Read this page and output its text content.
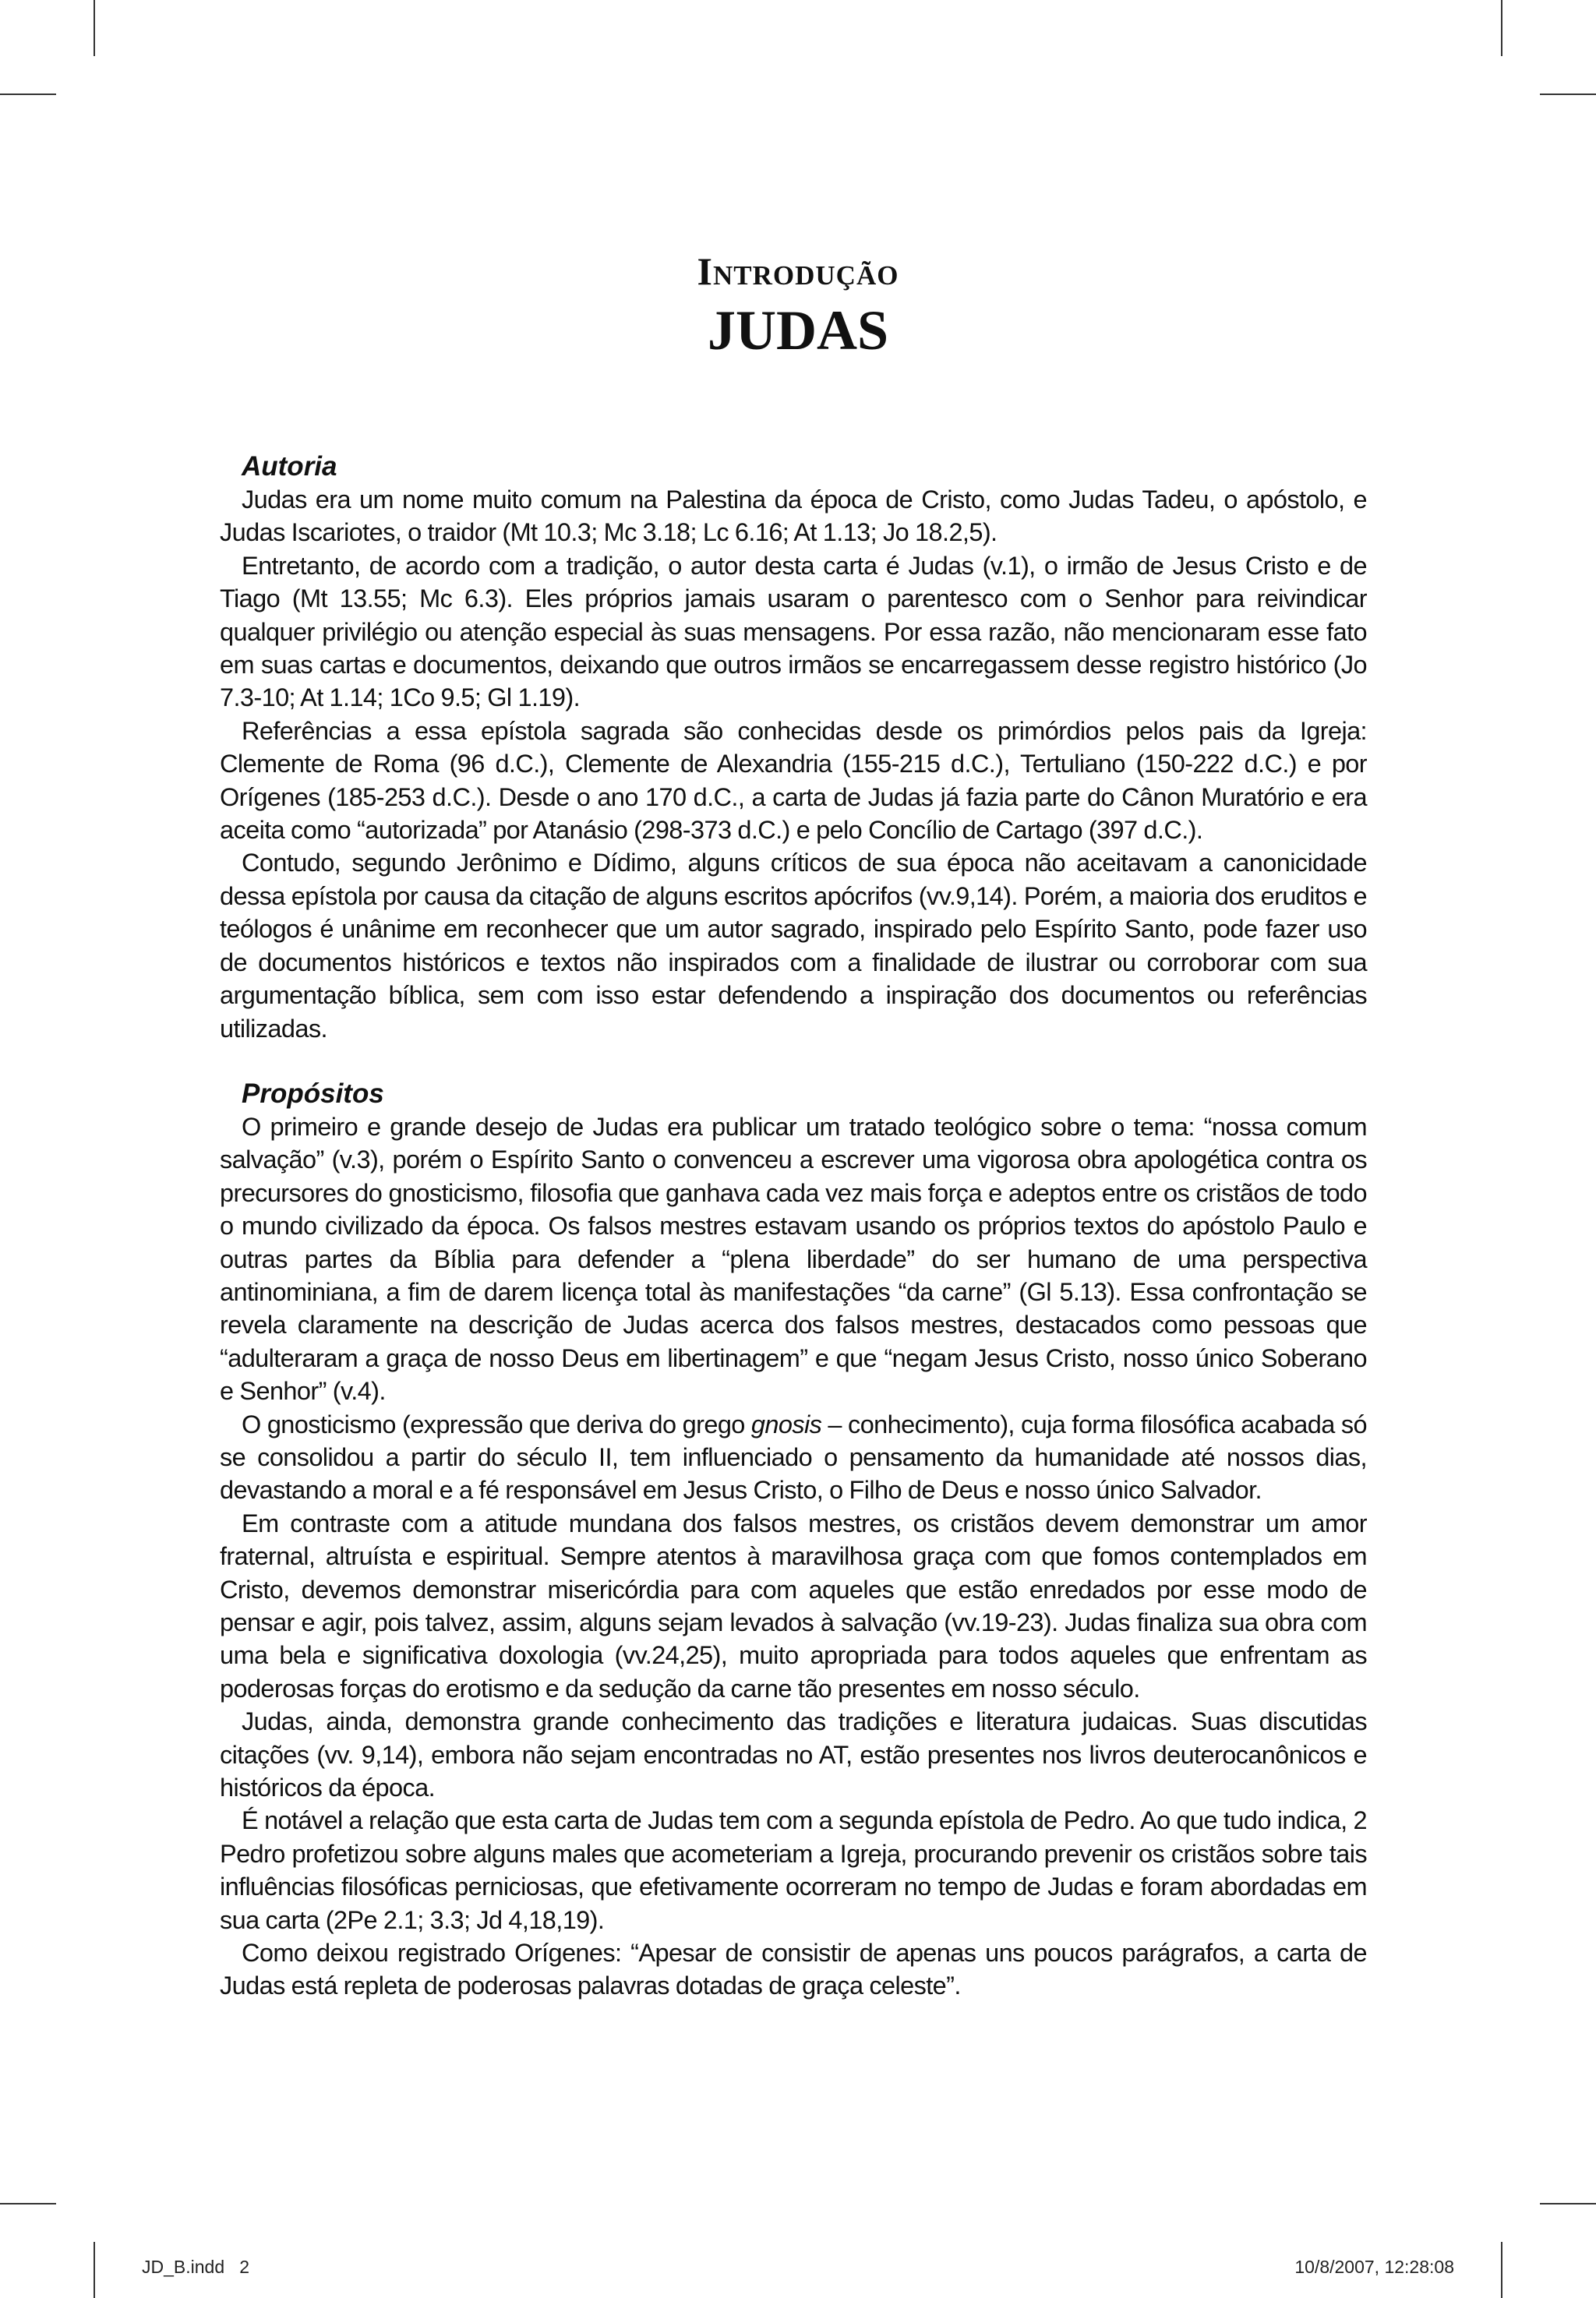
Introdução
JUDAS
Autoria

Judas era um nome muito comum na Palestina da época de Cristo, como Judas Tadeu, o apóstolo, e Judas Iscariotes, o traidor (Mt 10.3; Mc 3.18; Lc 6.16; At 1.13; Jo 18.2,5).

Entretanto, de acordo com a tradição, o autor desta carta é Judas (v.1), o irmão de Jesus Cristo e de Tiago (Mt 13.55; Mc 6.3). Eles próprios jamais usaram o parentesco com o Senhor para reivindicar qualquer privilégio ou atenção especial às suas mensagens. Por essa razão, não mencionaram esse fato em suas cartas e documentos, deixando que outros irmãos se encarregassem desse registro histórico (Jo 7.3-10; At 1.14; 1Co 9.5; Gl 1.19).

Referências a essa epístola sagrada são conhecidas desde os primórdios pelos pais da Igreja: Clemente de Roma (96 d.C.), Clemente de Alexandria (155-215 d.C.), Tertuliano (150-222 d.C.) e por Orígenes (185-253 d.C.). Desde o ano 170 d.C., a carta de Judas já fazia parte do Cânon Muratório e era aceita como “autorizada” por Atanásio (298-373 d.C.) e pelo Concílio de Cartago (397 d.C.).

Contudo, segundo Jerônimo e Dídimo, alguns críticos de sua época não aceitavam a canonicidade dessa epístola por causa da citação de alguns escritos apócrifos (vv.9,14). Porém, a maioria dos eruditos e teólogos é unânime em reconhecer que um autor sagrado, inspirado pelo Espírito Santo, pode fazer uso de documentos históricos e textos não inspirados com a finalidade de ilustrar ou corroborar com sua argumentação bíblica, sem com isso estar defendendo a inspiração dos documentos ou referências utilizadas.

Propósitos

O primeiro e grande desejo de Judas era publicar um tratado teológico sobre o tema: “nossa comum salvação” (v.3), porém o Espírito Santo o convenceu a escrever uma vigorosa obra apologética contra os precursores do gnosticismo, filosofia que ganhava cada vez mais força e adeptos entre os cristãos de todo o mundo civilizado da época. Os falsos mestres estavam usando os próprios textos do apóstolo Paulo e outras partes da Bíblia para defender a “plena liberdade” do ser humano de uma perspectiva antinominiana, a fim de darem licença total às manifestações “da carne” (Gl 5.13). Essa confrontação se revela claramente na descrição de Judas acerca dos falsos mestres, destacados como pessoas que “adulteraram a graça de nosso Deus em libertinagem” e que “negam Jesus Cristo, nosso único Soberano e Senhor” (v.4).

O gnosticismo (expressão que deriva do grego gnosis – conhecimento), cuja forma filosófica acabada só se consolidou a partir do século II, tem influenciado o pensamento da humanidade até nossos dias, devastando a moral e a fé responsável em Jesus Cristo, o Filho de Deus e nosso único Salvador.

Em contraste com a atitude mundana dos falsos mestres, os cristãos devem demonstrar um amor fraternal, altruísta e espiritual. Sempre atentos à maravilhosa graça com que fomos contemplados em Cristo, devemos demonstrar misericórdia para com aqueles que estão enredados por esse modo de pensar e agir, pois talvez, assim, alguns sejam levados à salvação (vv.19-23). Judas finaliza sua obra com uma bela e significativa doxologia (vv.24,25), muito apropriada para todos aqueles que enfrentam as poderosas forças do erotismo e da sedução da carne tão presentes em nosso século.

Judas, ainda, demonstra grande conhecimento das tradições e literatura judaicas. Suas discutidas citações (vv. 9,14), embora não sejam encontradas no AT, estão presentes nos livros deuterocanônicos e históricos da época.

É notável a relação que esta carta de Judas tem com a segunda epístola de Pedro. Ao que tudo indica, 2 Pedro profetizou sobre alguns males que acometeriam a Igreja, procurando prevenir os cristãos sobre tais influências filosóficas perniciosas, que efetivamente ocorreram no tempo de Judas e foram abordadas em sua carta (2Pe 2.1; 3.3; Jd 4,18,19).

Como deixou registrado Orígenes: “Apesar de consistir de apenas uns poucos parágrafos, a carta de Judas está repleta de poderosas palavras dotadas de graça celeste”.

JD_B.indd   2	10/8/2007, 12:28:08
